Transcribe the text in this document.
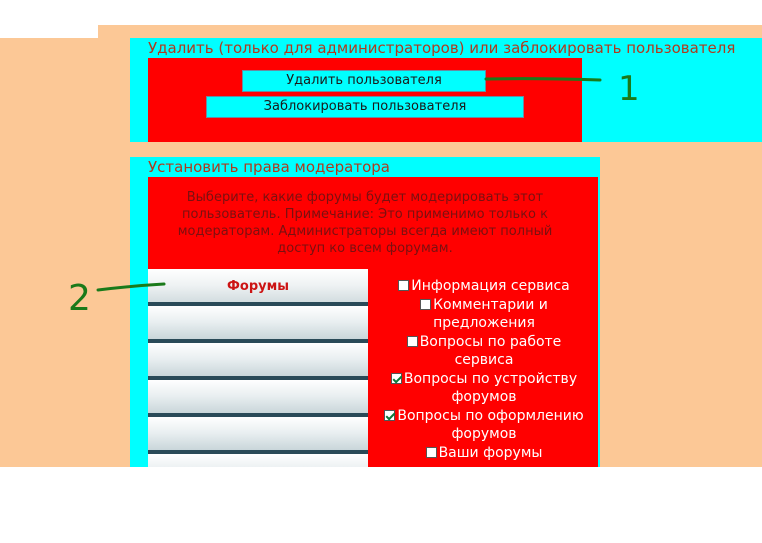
Удалить (только для администраторов) или заблокировать пользователя
Удалить пользователя
Заблокировать пользователя
Установить права модератора
Выберите, какие форумы будет модерировать этот пользователь. Примечание: Это применимо только к модераторам. Администраторы всегда имеют полный доступ ко всем форумам.
Форумы	Информация сервиса
Комментарии и предложения
Вопросы по работе сервиса
Вопросы по устройству форумов
Вопросы по оформлению форумов
Ваши форумы
1
2
